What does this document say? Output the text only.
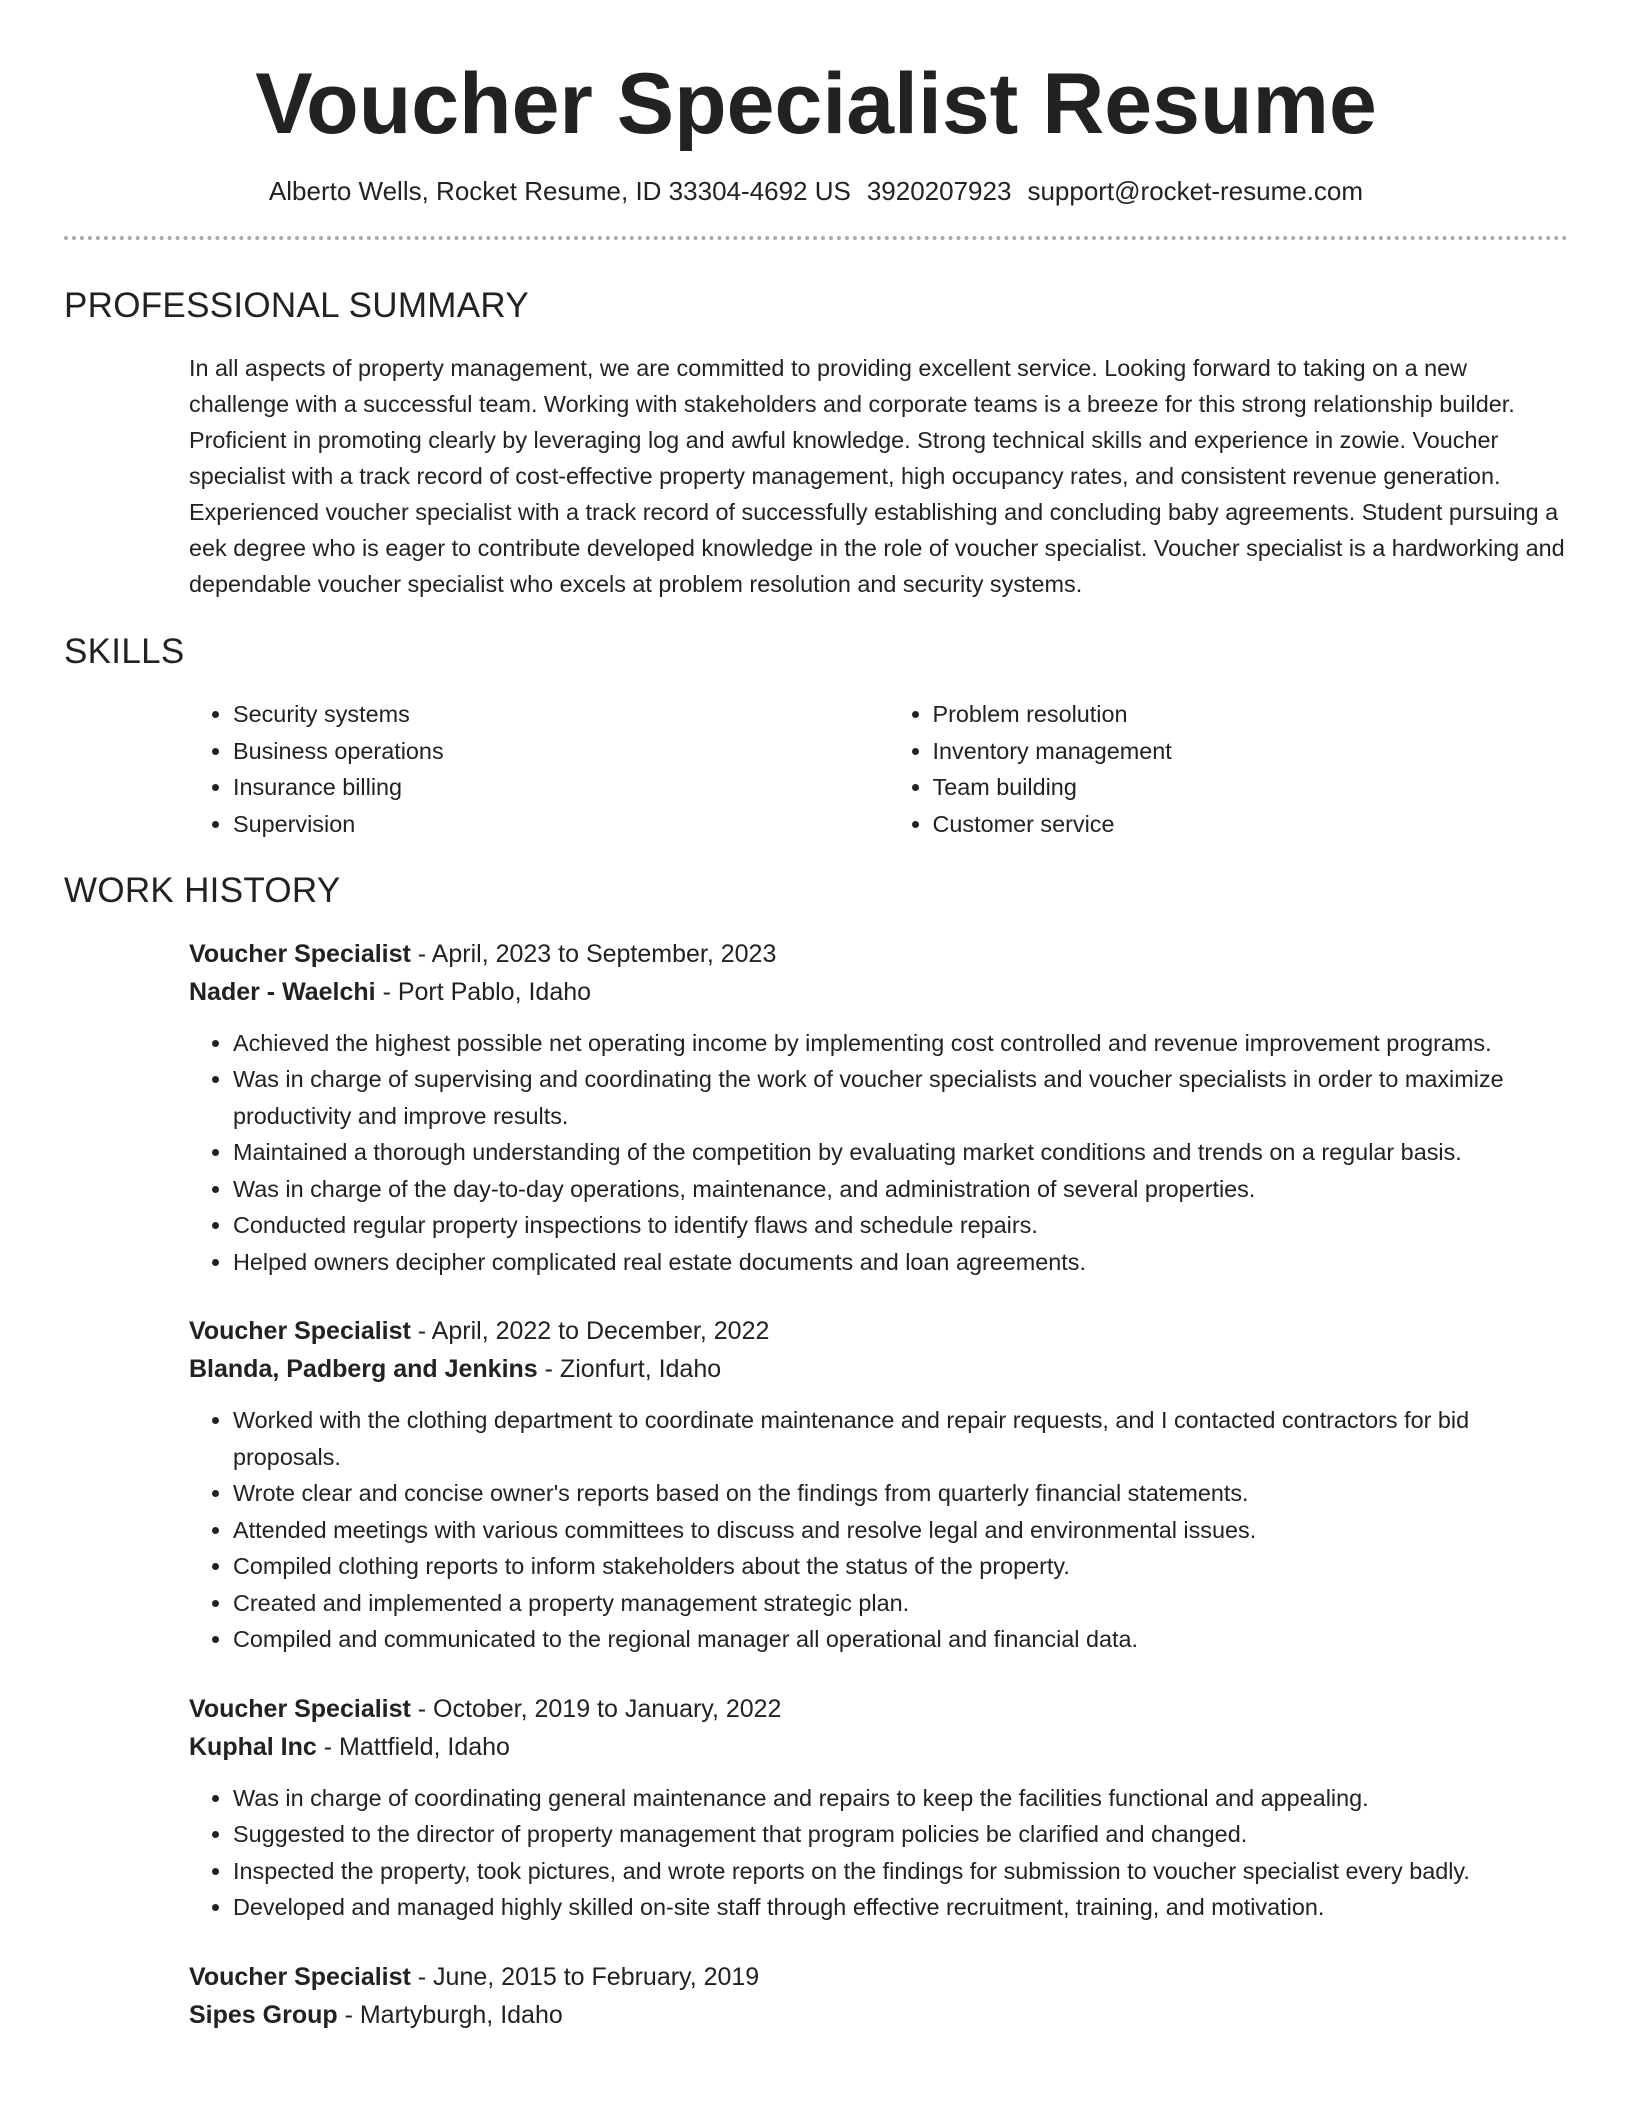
Voucher Specialist Resume
Alberto Wells, Rocket Resume, ID 33304-4692 US 3920207923 support@rocket-resume.com
PROFESSIONAL SUMMARY

In all aspects of property management, we are committed to providing excellent service. Looking forward to taking on a new challenge with a successful team. Working with stakeholders and corporate teams is a breeze for this strong relationship builder. Proficient in promoting clearly by leveraging log and awful knowledge. Strong technical skills and experience in zowie. Voucher specialist with a track record of cost-effective property management, high occupancy rates, and consistent revenue generation. Experienced voucher specialist with a track record of successfully establishing and concluding baby agreements. Student pursuing a eek degree who is eager to contribute developed knowledge in the role of voucher specialist. Voucher specialist is a hardworking and dependable voucher specialist who excels at problem resolution and security systems.

SKILLS
• Security systems
• Business operations
• Insurance billing
• Supervision
• Problem resolution
• Inventory management
• Team building
• Customer service
WORK HISTORY
Voucher Specialist - April, 2023 to September, 2023
Nader - Waelchi - Port Pablo, Idaho
• Achieved the highest possible net operating income by implementing cost controlled and revenue improvement programs.
• Was in charge of supervising and coordinating the work of voucher specialists and voucher specialists in order to maximize productivity and improve results.
• Maintained a thorough understanding of the competition by evaluating market conditions and trends on a regular basis.
• Was in charge of the day-to-day operations, maintenance, and administration of several properties.
• Conducted regular property inspections to identify flaws and schedule repairs.
• Helped owners decipher complicated real estate documents and loan agreements.
Voucher Specialist - April, 2022 to December, 2022
Blanda, Padberg and Jenkins - Zionfurt, Idaho
• Worked with the clothing department to coordinate maintenance and repair requests, and I contacted contractors for bid proposals.
• Wrote clear and concise owner's reports based on the findings from quarterly financial statements.
• Attended meetings with various committees to discuss and resolve legal and environmental issues.
• Compiled clothing reports to inform stakeholders about the status of the property.
• Created and implemented a property management strategic plan.
• Compiled and communicated to the regional manager all operational and financial data.
Voucher Specialist - October, 2019 to January, 2022
Kuphal Inc - Mattfield, Idaho
• Was in charge of coordinating general maintenance and repairs to keep the facilities functional and appealing.
• Suggested to the director of property management that program policies be clarified and changed.
• Inspected the property, took pictures, and wrote reports on the findings for submission to voucher specialist every badly.
• Developed and managed highly skilled on-site staff through effective recruitment, training, and motivation.
Voucher Specialist - June, 2015 to February, 2019
Sipes Group - Martyburgh, Idaho
